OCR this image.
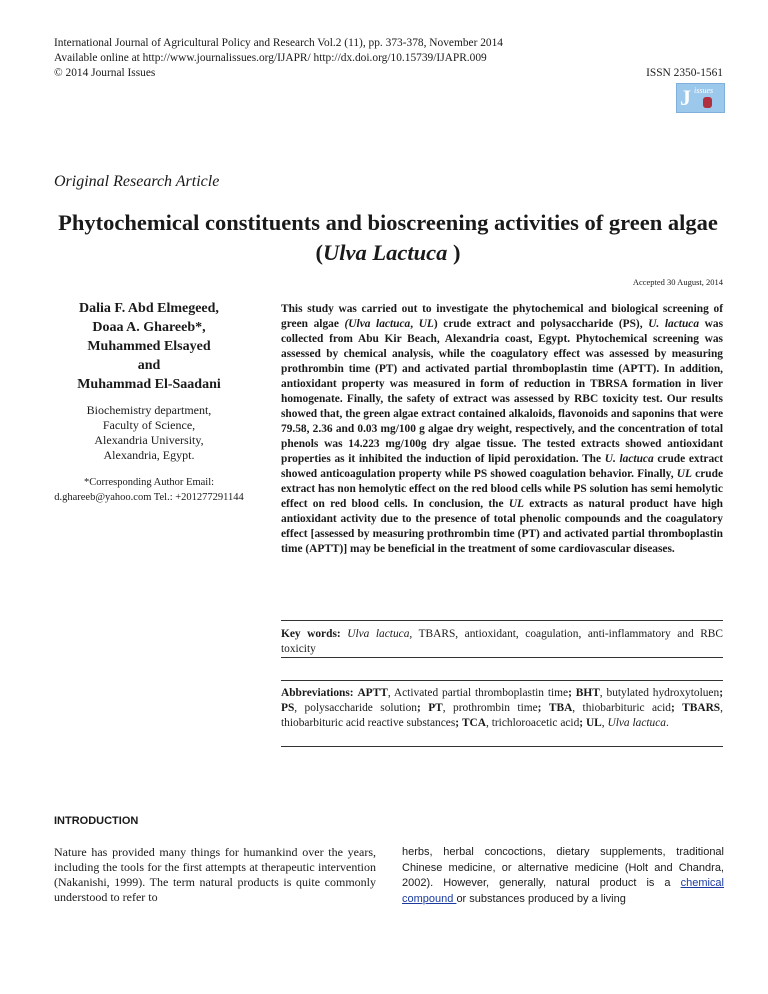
International Journal of Agricultural Policy and Research Vol.2 (11), pp. 373-378, November 2014
Available online at http://www.journalissues.org/IJAPR/ http://dx.doi.org/10.15739/IJAPR.009
© 2014 Journal Issues	ISSN 2350-1561
J issues
Original Research Article
Phytochemical constituents and bioscreening activities of green algae (Ulva Lactuca )
Accepted 30 August, 2014
Dalia F. Abd Elmegeed,
Doaa A. Ghareeb*,
Muhammed Elsayed
and
Muhammad El-Saadani
Biochemistry department,
Faculty of Science,
Alexandria University,
Alexandria, Egypt.
*Corresponding Author Email: d.ghareeb@yahoo.com Tel.: +201277291144
This study was carried out to investigate the phytochemical and biological screening of green algae (Ulva lactuca, UL) crude extract and polysaccharide (PS), U. lactuca was collected from Abu Kir Beach, Alexandria coast, Egypt. Phytochemical screening was assessed by chemical analysis, while the coagulatory effect was assessed by measuring prothrombin time (PT) and activated partial thromboplastin time (APTT). In addition, antioxidant property was measured in form of reduction in TBRSA formation in liver homogenate. Finally, the safety of extract was assessed by RBC toxicity test. Our results showed that, the green algae extract contained alkaloids, flavonoids and saponins that were 79.58, 2.36 and 0.03 mg/100 g algae dry weight, respectively, and the concentration of total phenols was 14.223 mg/100g dry algae tissue. The tested extracts showed antioxidant properties as it inhibited the induction of lipid peroxidation. The U. lactuca crude extract showed anticoagulation property while PS showed coagulation behavior. Finally, UL crude extract has non hemolytic effect on the red blood cells while PS solution has semi hemolytic effect on red blood cells. In conclusion, the UL extracts as natural product have high antioxidant activity due to the presence of total phenolic compounds and the coagulatory effect [assessed by measuring prothrombin time (PT) and activated partial thromboplastin time (APTT)] may be beneficial in the treatment of some cardiovascular diseases.
Key words: Ulva lactuca, TBARS, antioxidant, coagulation, anti-inflammatory and RBC toxicity
Abbreviations: APTT, Activated partial thromboplastin time; BHT, butylated hydroxytoluen; PS, polysaccharide solution; PT, prothrombin time; TBA, thiobarbituric acid; TBARS, thiobarbituric acid reactive substances; TCA, trichloroacetic acid; UL, Ulva lactuca.
INTRODUCTION
Nature has provided many things for humankind over the years, including the tools for the first attempts at therapeutic intervention (Nakanishi, 1999). The term natural products is quite commonly understood to refer to
herbs, herbal concoctions, dietary supplements, traditional Chinese medicine, or alternative medicine (Holt and Chandra, 2002). However, generally, natural product is a chemical compound or substances produced by a living
